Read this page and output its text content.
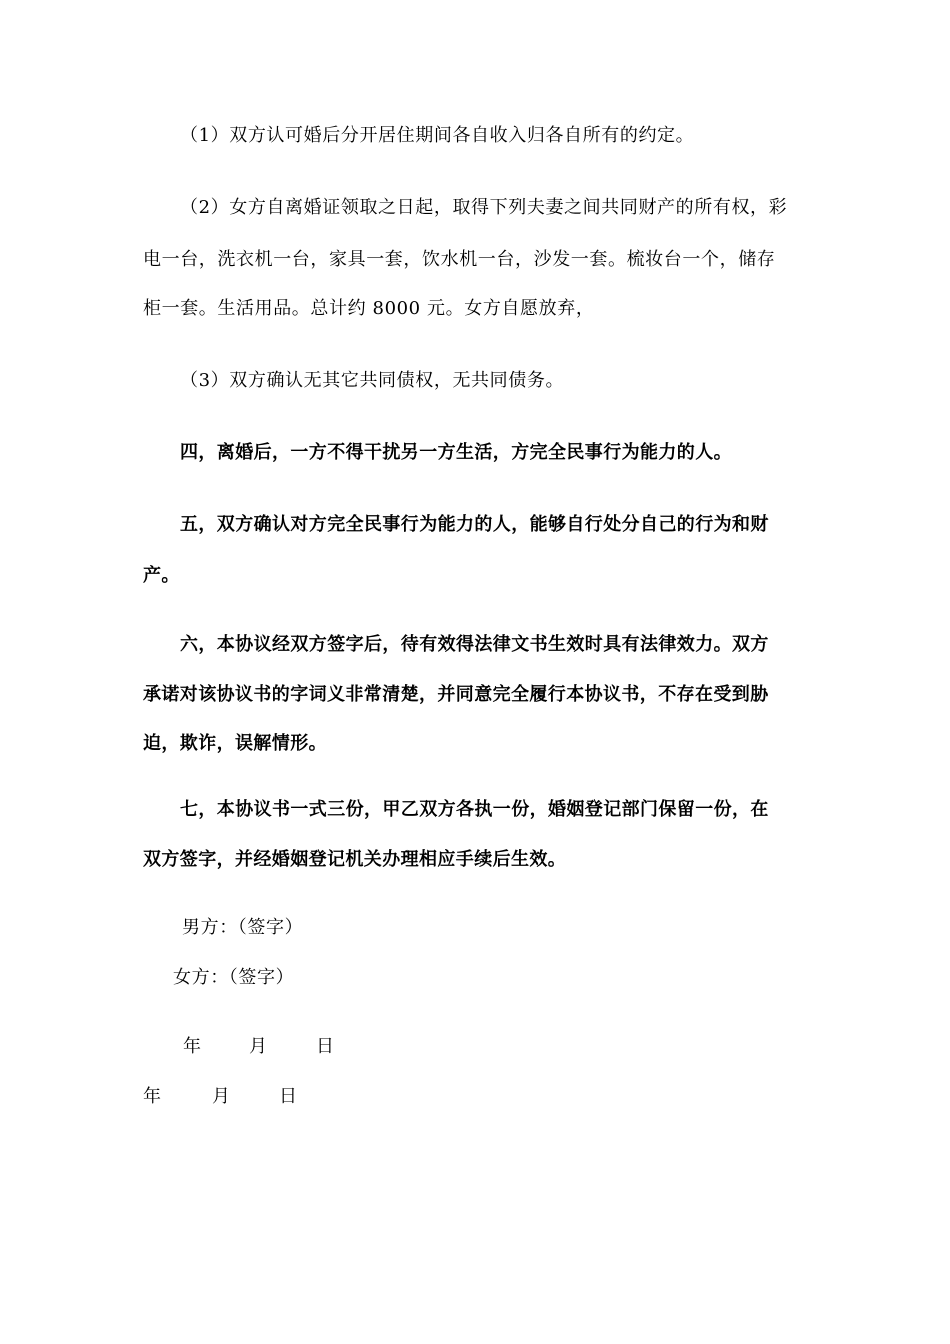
（1）双方认可婚后分开居住期间各自收入归各自所有的约定。
（2）女方自离婚证领取之日起，取得下列夫妻之间共同财产的所有权，彩
电一台，洗衣机一台，家具一套，饮水机一台，沙发一套。梳妆台一个，储存
柜一套。生活用品。总计约 8000 元。女方自愿放弃，
（3）双方确认无其它共同债权，无共同债务。
四，离婚后，一方不得干扰另一方生活，方完全民事行为能力的人。
五，双方确认对方完全民事行为能力的人，能够自行处分自己的行为和财
产。
六，本协议经双方签字后，待有效得法律文书生效时具有法律效力。双方
承诺对该协议书的字词义非常清楚，并同意完全履行本协议书，不存在受到胁
迫，欺诈，误解情形。
七，本协议书一式三份，甲乙双方各执一份，婚姻登记部门保留一份，在
双方签字，并经婚姻登记机关办理相应手续后生效。
男方：（签字）
女方：（签字）
年	月	日
年	月	日
